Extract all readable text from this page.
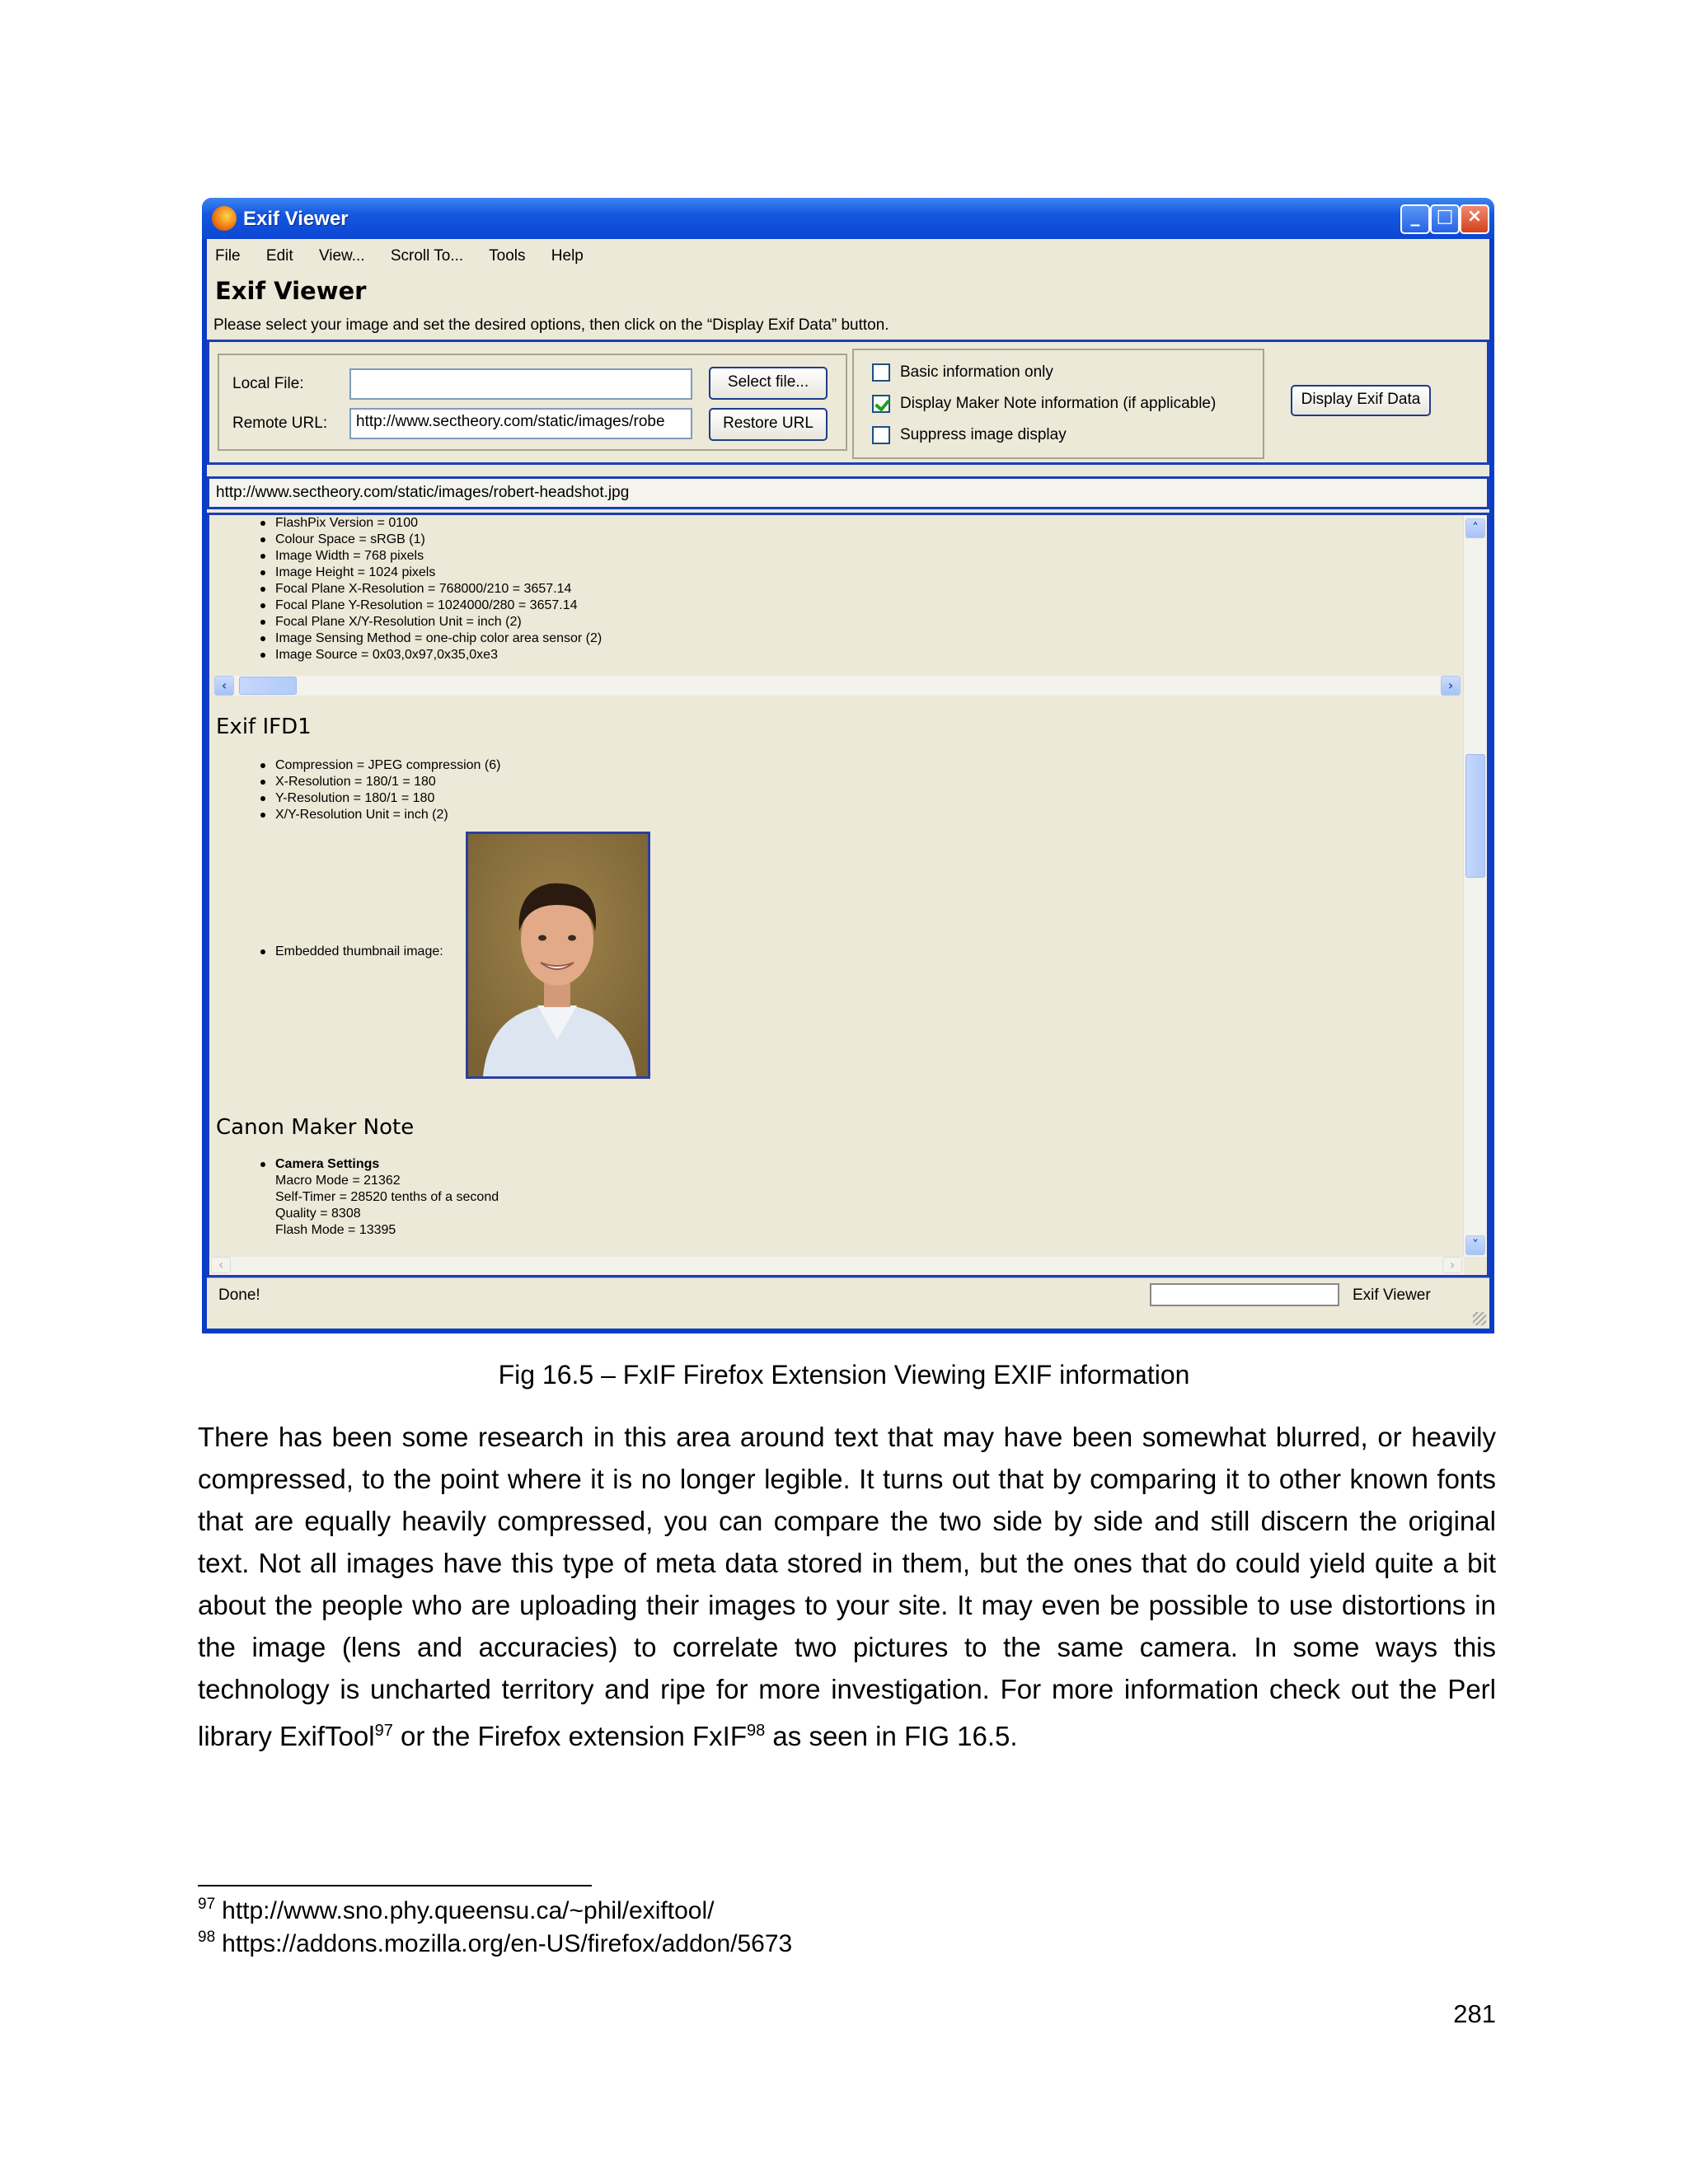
Exif Viewer	_ □ ×
File Edit View... Scroll To... Tools Help
Exif Viewer
Please select your image and set the desired options, then click on the “Display Exif Data” button.
Local File:	Select file...
Remote URL:	http://www.sectheory.com/static/images/robe	Restore URL
Basic information only
Display Maker Note information (if applicable)
Suppress image display
Display Exif Data
http://www.sectheory.com/static/images/robert-headshot.jpg
FlashPix Version = 0100
Colour Space = sRGB (1)
Image Width = 768 pixels
Image Height = 1024 pixels
Focal Plane X-Resolution = 768000/210 = 3657.14
Focal Plane Y-Resolution = 1024000/280 = 3657.14
Focal Plane X/Y-Resolution Unit = inch (2)
Image Sensing Method = one-chip color area sensor (2)
Image Source = 0x03,0x97,0x35,0xe3
‹	›
Exif IFD1
Compression = JPEG compression (6)
X-Resolution = 180/1 = 180
Y-Resolution = 180/1 = 180
X/Y-Resolution Unit = inch (2)
Embedded thumbnail image:
Canon Maker Note
Camera Settings
Macro Mode = 21362
Self-Timer = 28520 tenths of a second
Quality = 8308
Flash Mode = 13395
˄
˅
‹	›
Done!	Exif Viewer
Fig 16.5 – FxIF Firefox Extension Viewing EXIF information
There has been some research in this area around text that may have been somewhat blurred, or heavily compressed, to the point where it is no longer legible. It turns out that by comparing it to other known fonts that are equally heavily compressed, you can compare the two side by side and still discern the original text. Not all images have this type of meta data stored in them, but the ones that do could yield quite a bit about the people who are uploading their images to your site. It may even be possible to use distortions in the image (lens and accuracies) to correlate two pictures to the same camera. In some ways this technology is uncharted territory and ripe for more investigation. For more information check out the Perl library ExifTool$^{97}$ or the Firefox extension FxIF$^{98}$ as seen in FIG 16.5.
$^{97}$ http://www.sno.phy.queensu.ca/~phil/exiftool/
$^{98}$ https://addons.mozilla.org/en-US/firefox/addon/5673
281
